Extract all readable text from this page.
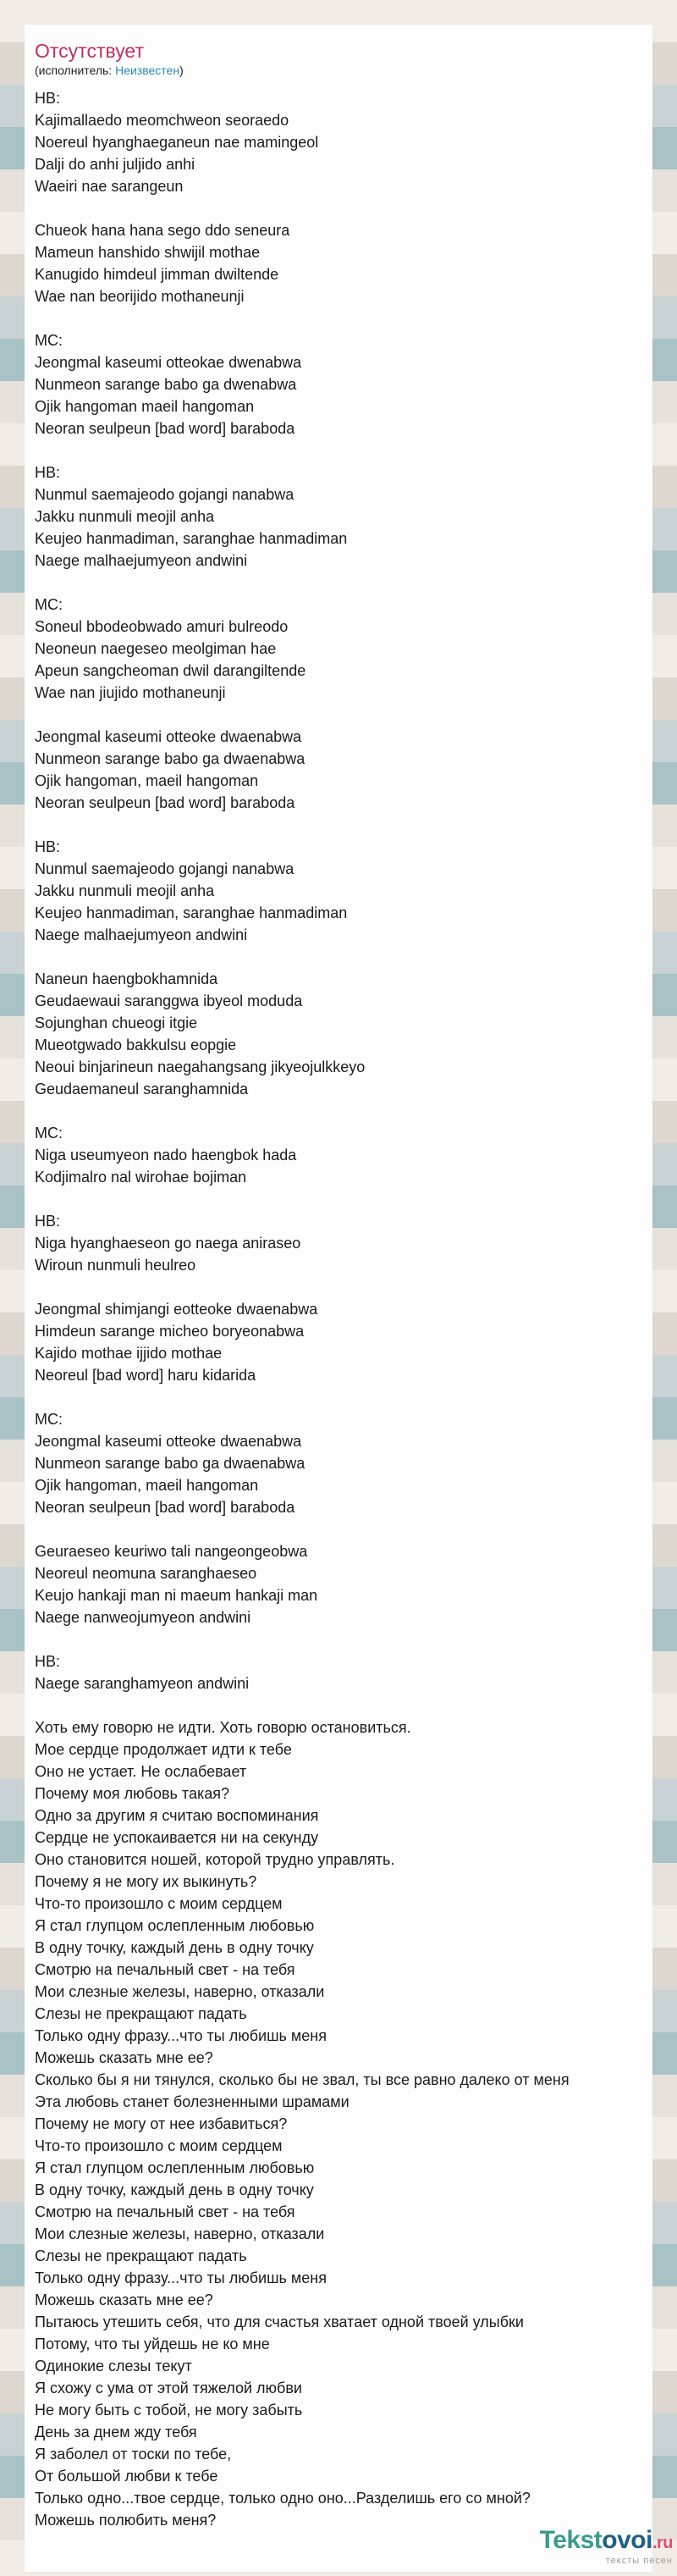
Отсутствует
(исполнитель: Неизвестен)
HB:
Kajimallaedo meomchweon seoraedo
Noereul hyanghaeganeun nae mamingeol
Dalji do anhi juljido anhi
Waeiri nae sarangeun
Chueok hana hana sego ddo seneura
Mameun hanshido shwijil mothae
Kanugido himdeul jimman dwiltende
Wae nan beorijido mothaneunji
MC:
Jeongmal kaseumi otteokae dwenabwa
Nunmeon sarange babo ga dwenabwa
Ojik hangoman maeil hangoman
Neoran seulpeun [bad word] baraboda
HB:
Nunmul saemajeodo gojangi nanabwa
Jakku nunmuli meojil anha
Keujeo hanmadiman, saranghae hanmadiman
Naege malhaejumyeon andwini
MC:
Soneul bbodeobwado amuri bulreodo
Neoneun naegeseo meolgiman hae
Apeun sangcheoman dwil darangiltende
Wae nan jiujido mothaneunji
Jeongmal kaseumi otteoke dwaenabwa
Nunmeon sarange babo ga dwaenabwa
Ojik hangoman, maeil hangoman
Neoran seulpeun [bad word] baraboda
HB:
Nunmul saemajeodo gojangi nanabwa
Jakku nunmuli meojil anha
Keujeo hanmadiman, saranghae hanmadiman
Naege malhaejumyeon andwini
Naneun haengbokhamnida
Geudaewaui saranggwa ibyeol moduda
Sojunghan chueogi itgie
Mueotgwado bakkulsu eopgie
Neoui binjarineun naegahangsang jikyeojulkkeyo
Geudaemaneul saranghamnida
MC:
Niga useumyeon nado haengbok hada
Kodjimalro nal wirohae bojiman
HB:
Niga hyanghaeseon go naega aniraseo
Wiroun nunmuli heulreo
Jeongmal shimjangi eotteoke dwaenabwa
Himdeun sarange micheo boryeonabwa
Kajido mothae ijjido mothae
Neoreul [bad word] haru kidarida
MC:
Jeongmal kaseumi otteoke dwaenabwa
Nunmeon sarange babo ga dwaenabwa
Ojik hangoman, maeil hangoman
Neoran seulpeun [bad word] baraboda
Geuraeseo keuriwo tali nangeongeobwa
Neoreul neomuna saranghaeseo
Keujo hankaji man ni maeum hankaji man
Naege nanweojumyeon andwini
HB:
Naege saranghamyeon andwini
Хоть ему говорю не идти. Хоть говорю остановиться.
Мое сердце продолжает идти к тебе
Оно не устает. Не ослабевает
Почему моя любовь такая?
Одно за другим я считаю воспоминания
Сердце не успокаивается ни на секунду
Оно становится ношей, которой трудно управлять.
Почему я не могу их выкинуть?
Что-то произошло с моим сердцем
Я стал глупцом ослепленным любовью
В одну точку, каждый день в одну точку
Смотрю на печальный свет - на тебя
Мои слезные железы, наверно, отказали
Слезы не прекращают падать
Только одну фразу...что ты любишь меня
Можешь сказать мне ее?
Сколько бы я ни тянулся, сколько бы не звал, ты все равно далеко от меня
Эта любовь станет болезненными шрамами
Почему не могу от нее избавиться?
Что-то произошло с моим сердцем
Я стал глупцом ослепленным любовью
В одну точку, каждый день в одну точку
Смотрю на печальный свет - на тебя
Мои слезные железы, наверно, отказали
Слезы не прекращают падать
Только одну фразу...что ты любишь меня
Можешь сказать мне ее?
Пытаюсь утешить себя, что для счастья хватает одной твоей улыбки
Потому, что ты уйдешь не ко мне
Одинокие слезы текут
Я схожу с ума от этой тяжелой любви
Не могу быть с тобой, не могу забыть
День за днем жду тебя
Я заболел от тоски по тебе,
От большой любви к тебе
Только одно...твое сердце, только одно оно...Разделишь его со мной?
Можешь полюбить меня?
Tekstovoi.ru
тексты песен
